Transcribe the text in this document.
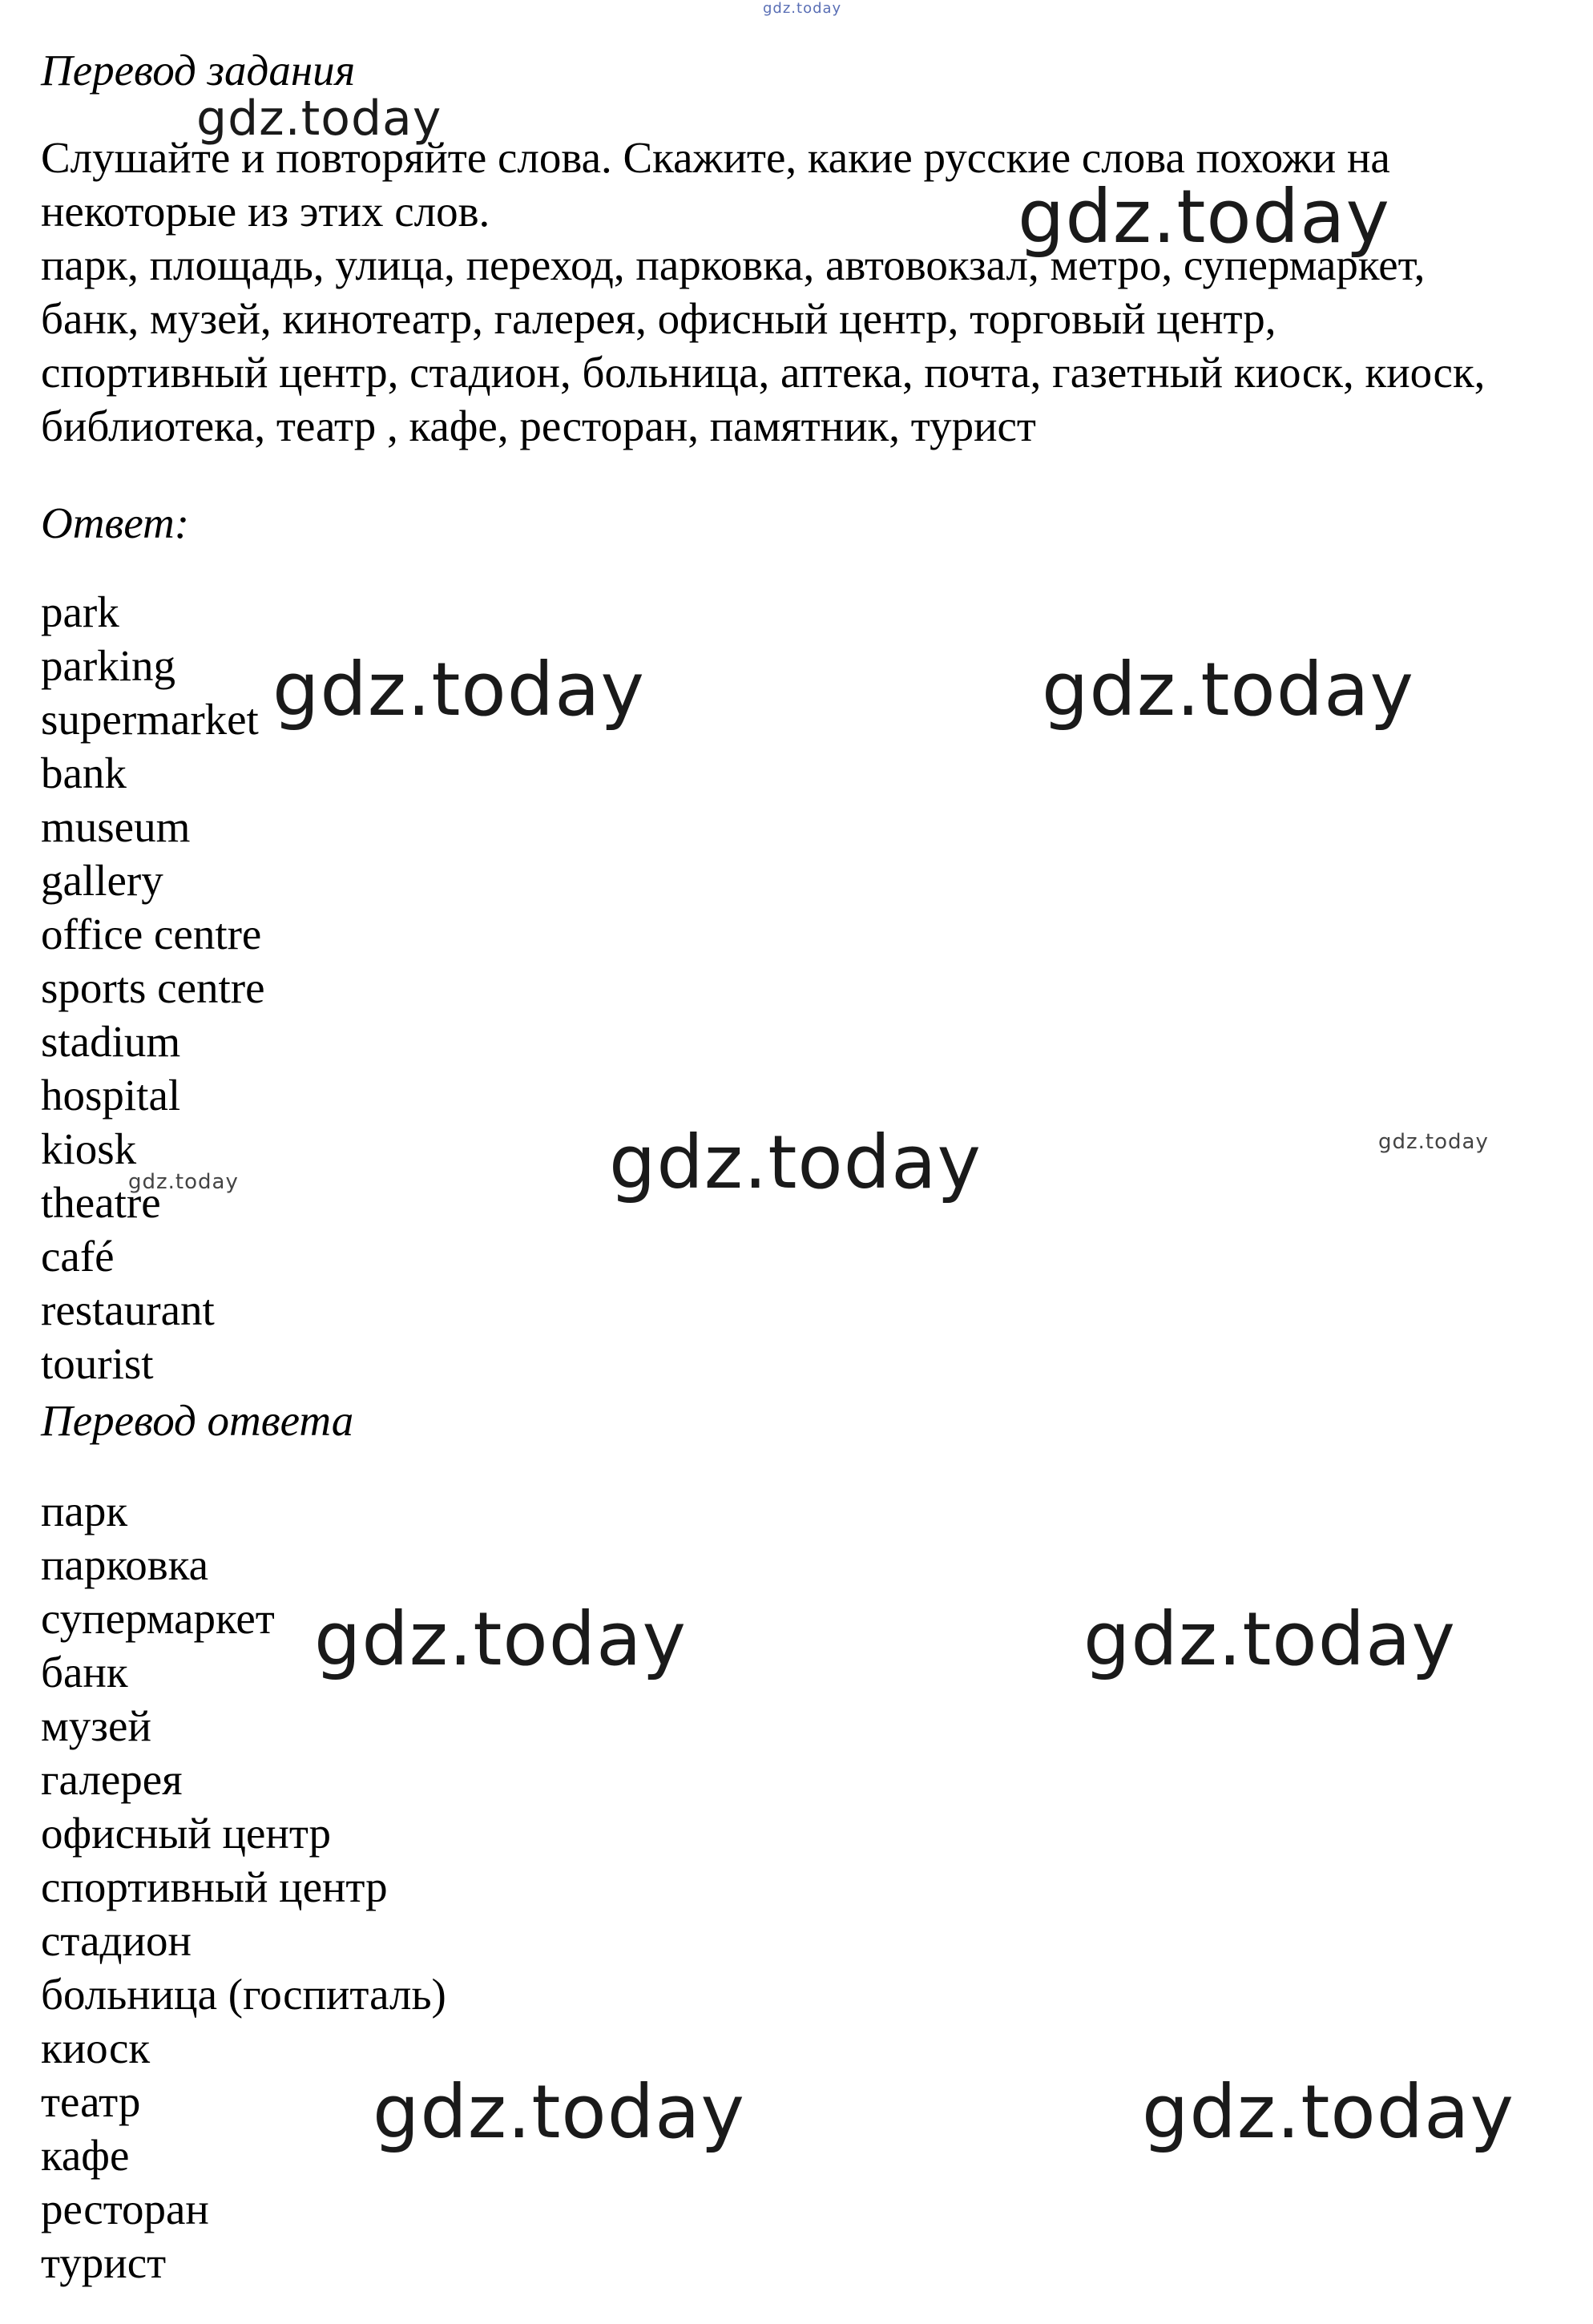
Перевод задания

Слушайте и повторяйте слова. Скажите, какие русские слова похожи на

некоторые из этих слов.

парк, площадь, улица, переход, парковка, автовокзал, метро, супермаркет,

банк, музей, кинотеатр, галерея, офисный центр, торговый центр,

спортивный центр, стадион, больница, аптека, почта, газетный киоск, киоск,

библиотека, театр , кафе, ресторан, памятник, турист

Ответ:
park
parking
supermarket
bank
museum
gallery
office centre
sports centre
stadium
hospital
kiosk
theatre
café
restaurant
tourist
Перевод ответа
парк
парковка
супермаркет
банк
музей
галерея
офисный центр
спортивный центр
стадион
больница (госпиталь)
киоск
театр
кафе
ресторан
турист
gdz.today
gdz.today
gdz.today
gdz.today	gdz.today
gdz.today	gdz.today
gdz.today
gdz.today	gdz.today
gdz.today	gdz.today
